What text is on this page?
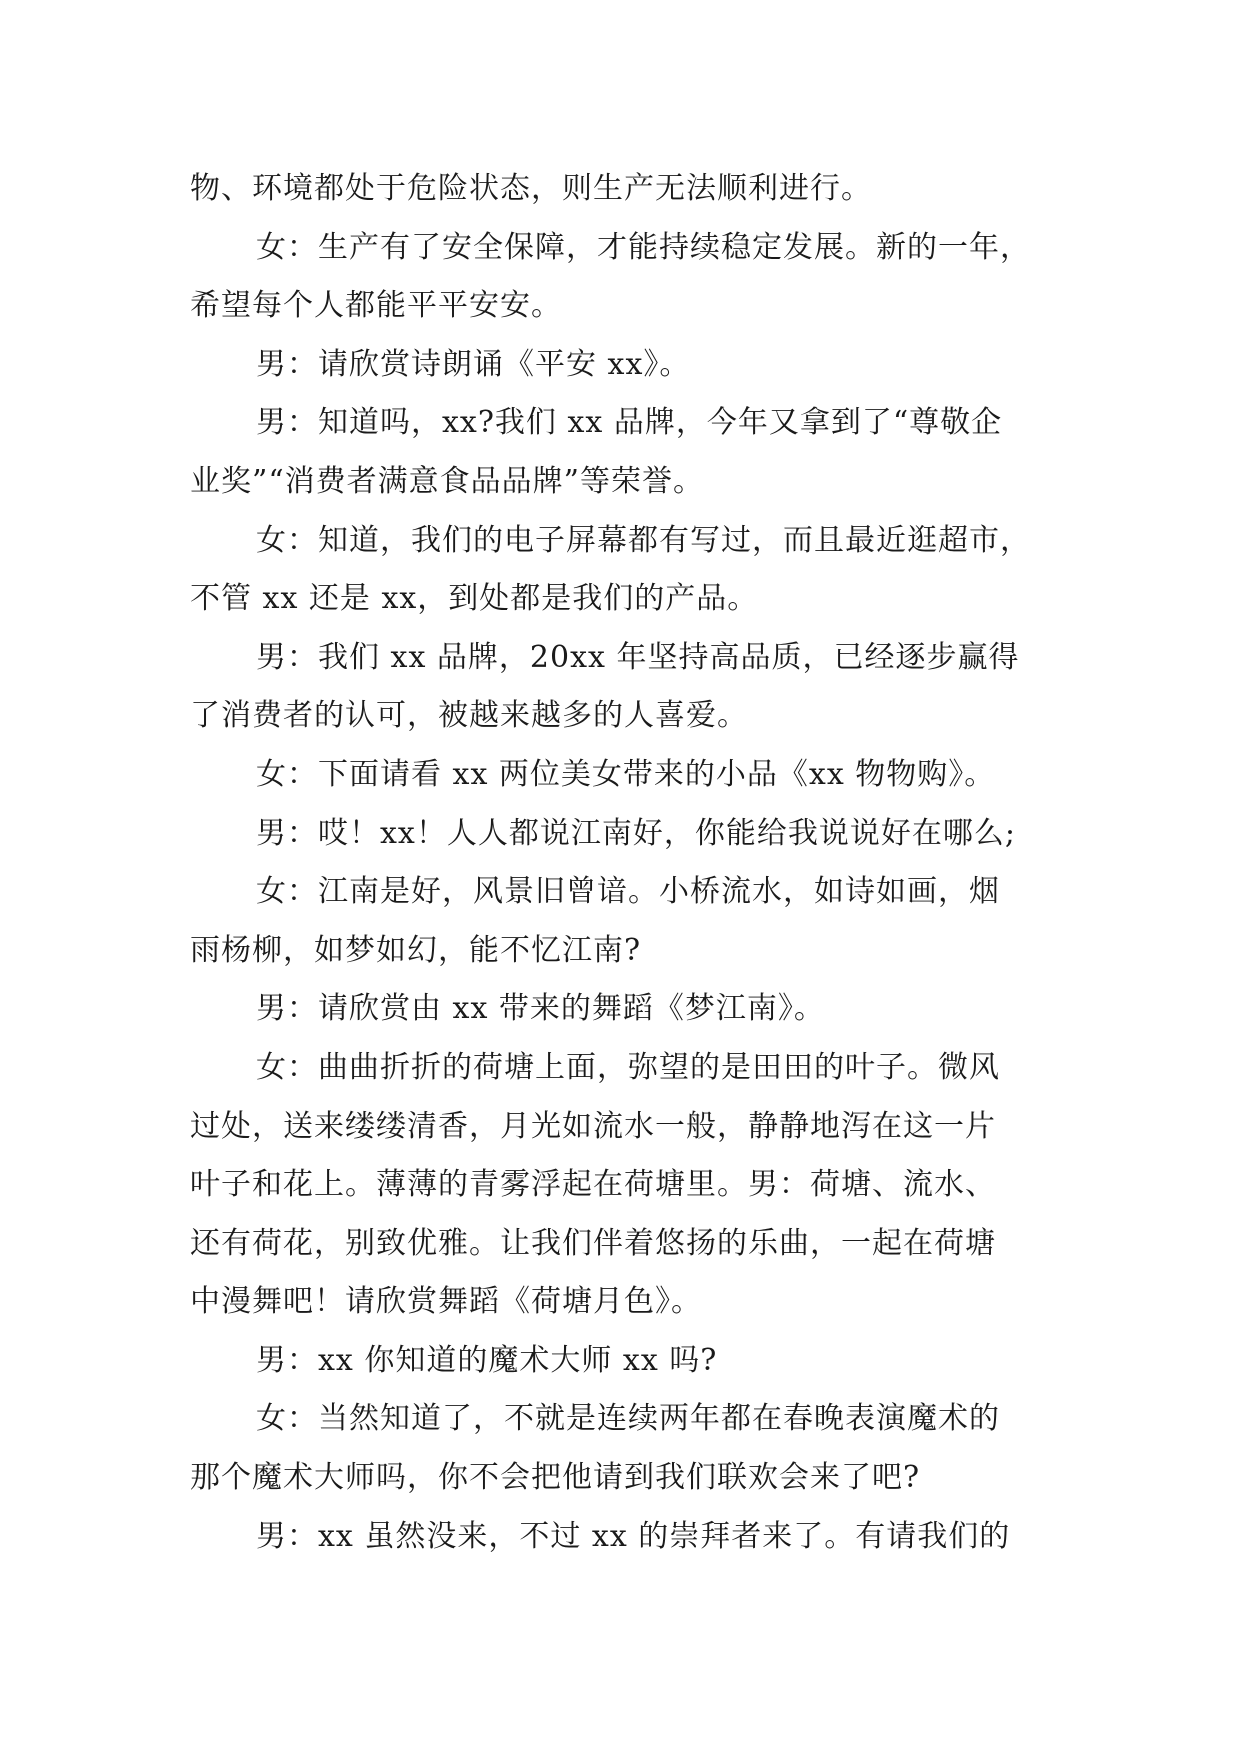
物、环境都处于危险状态，则生产无法顺利进行。
女：生产有了安全保障，才能持续稳定发展。新的一年，
希望每个人都能平平安安。
男：请欣赏诗朗诵《平安 xx》。
男：知道吗，xx?我们 xx 品牌，今年又拿到了“尊敬企
业奖”“消费者满意食品品牌”等荣誉。
女：知道，我们的电子屏幕都有写过，而且最近逛超市，
不管 xx 还是 xx，到处都是我们的产品。
男：我们 xx 品牌，20xx 年坚持高品质，已经逐步赢得
了消费者的认可，被越来越多的人喜爱。
女：下面请看 xx 两位美女带来的小品《xx 物物购》。
男：哎！xx！人人都说江南好，你能给我说说好在哪么;
女：江南是好，风景旧曾谙。小桥流水，如诗如画，烟
雨杨柳，如梦如幻，能不忆江南?
男：请欣赏由 xx 带来的舞蹈《梦江南》。
女：曲曲折折的荷塘上面，弥望的是田田的叶子。微风
过处，送来缕缕清香，月光如流水一般，静静地泻在这一片
叶子和花上。薄薄的青雾浮起在荷塘里。男：荷塘、流水、
还有荷花，别致优雅。让我们伴着悠扬的乐曲，一起在荷塘
中漫舞吧！请欣赏舞蹈《荷塘月色》。
男：xx 你知道的魔术大师 xx 吗?
女：当然知道了，不就是连续两年都在春晚表演魔术的
那个魔术大师吗，你不会把他请到我们联欢会来了吧?
男：xx 虽然没来，不过 xx 的崇拜者来了。有请我们的
